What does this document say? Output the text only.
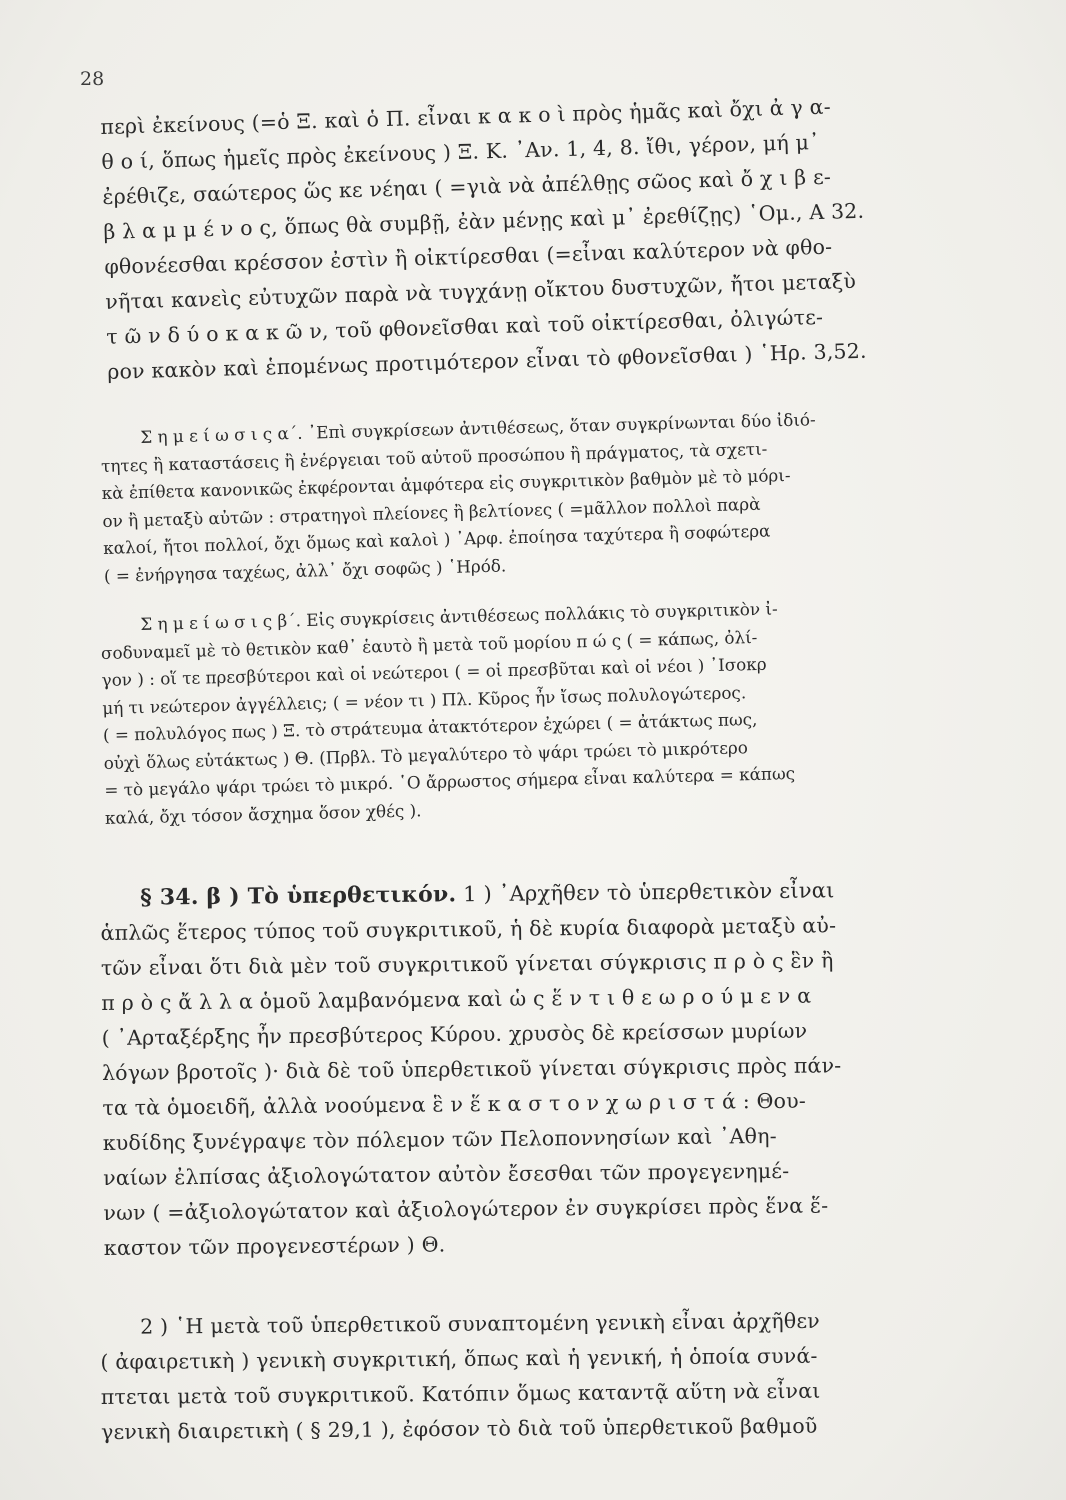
28
περὶ ἐκείνους (=ὁ Ξ. καὶ ὁ Π. εἶναι κ α κ ο ὶ πρὸς ἡμᾶς καὶ ὄχι ἀ γ α-
θ ο ί, ὅπως ἡμεῖς πρὸς ἐκείνους ) Ξ. Κ. ᾿Αν. 1, 4, 8. ἴθι, γέρον, μή μ᾿
ἐρέθιζε, σαώτερος ὥς κε νέηαι ( =γιὰ νὰ ἀπέλθῃς σῶος καὶ ὄ χ ι β ε-
β λ α μ μ έ ν ο ς, ὅπως θὰ συμβῇ, ἐὰν μένῃς καὶ μ᾿ ἐρεθίζῃς) ῾Ομ., Α 32.
φθονέεσθαι κρέσσον ἐστὶν ἢ οἰκτίρεσθαι (=εἶναι καλύτερον νὰ φθο-
νῆται κανεὶς εὐτυχῶν παρὰ νὰ τυγχάνῃ οἴκτου δυστυχῶν, ἤτοι μεταξὺ
τ ῶ ν δ ύ ο κ α κ ῶ ν, τοῦ φθονεῖσθαι καὶ τοῦ οἰκτίρεσθαι, ὀλιγώτε-
ρον κακὸν καὶ ἑπομένως προτιμότερον εἶναι τὸ φθονεῖσθαι ) ῾Ηρ. 3,52.
Σ η μ ε ί ω σ ι ς α΄. ᾿Επὶ συγκρίσεων ἀντιθέσεως, ὅταν συγκρίνωνται δύο ἰδιό-
τητες ἢ καταστάσεις ἢ ἐνέργειαι τοῦ αὐτοῦ προσώπου ἢ πράγματος, τὰ σχετι-
κὰ ἐπίθετα κανονικῶς ἐκφέρονται ἀμφότερα εἰς συγκριτικὸν βαθμὸν μὲ τὸ μόρι-
ον ἢ μεταξὺ αὐτῶν : στρατηγοὶ πλείονες ἢ βελτίονες ( =μᾶλλον πολλοὶ παρὰ
καλοί, ἤτοι πολλοί, ὄχι ὅμως καὶ καλοὶ ) ᾿Αρφ. ἐποίησα ταχύτερα ἢ σοφώτερα
( = ἐνήργησα ταχέως, ἀλλ᾿ ὄχι σοφῶς ) ῾Ηρόδ.
Σ η μ ε ί ω σ ι ς β΄. Εἰς συγκρίσεις ἀντιθέσεως πολλάκις τὸ συγκριτικὸν ἰ-
σοδυναμεῖ μὲ τὸ θετικὸν καθ᾿ ἑαυτὸ ἢ μετὰ τοῦ μορίου π ώ ς ( = κάπως, ὀλί-
γον ) : οἵ τε πρεσβύτεροι καὶ οἱ νεώτεροι ( = οἱ πρεσβῦται καὶ οἱ νέοι ) ᾿Ισοκρ
μή τι νεώτερον ἀγγέλλεις; ( = νέον τι ) Πλ. Κῦρος ἦν ἴσως πολυλογώτερος.
( = πολυλόγος πως ) Ξ. τὸ στράτευμα ἀτακτότερον ἐχώρει ( = ἀτάκτως πως,
οὐχὶ ὅλως εὐτάκτως ) Θ. (Πρβλ. Τὸ μεγαλύτερο τὸ ψάρι τρώει τὸ μικρότερο
= τὸ μεγάλο ψάρι τρώει τὸ μικρό. ῾Ο ἄρρωστος σήμερα εἶναι καλύτερα = κάπως
καλά, ὄχι τόσον ἄσχημα ὅσον χθές ).
§ 34. β ) Τὸ ὑπερθετικόν. 1 ) ᾿Αρχῆθεν τὸ ὑπερθετικὸν εἶναι
ἁπλῶς ἕτερος τύπος τοῦ συγκριτικοῦ, ἡ δὲ κυρία διαφορὰ μεταξὺ αὐ-
τῶν εἶναι ὅτι διὰ μὲν τοῦ συγκριτικοῦ γίνεται σύγκρισις π ρ ὸ ς ἓν ἢ
π ρ ὸ ς ἄ λ λ α ὁμοῦ λαμβανόμενα καὶ ὡ ς ἕ ν τ ι θ ε ω ρ ο ύ μ ε ν α
( ᾿Αρταξέρξης ἦν πρεσβύτερος Κύρου. χρυσὸς δὲ κρείσσων μυρίων
λόγων βροτοῖς )· διὰ δὲ τοῦ ὑπερθετικοῦ γίνεται σύγκρισις πρὸς πάν-
τα τὰ ὁμοειδῆ, ἀλλὰ νοούμενα ἓ ν ἕ κ α σ τ ο ν χ ω ρ ι σ τ ά : Θου-
κυδίδης ξυνέγραψε τὸν πόλεμον τῶν Πελοποννησίων καὶ ᾿Αθη-
ναίων ἐλπίσας ἀξιολογώτατον αὐτὸν ἔσεσθαι τῶν προγεγενημέ-
νων ( =ἀξιολογώτατον καὶ ἀξιολογώτερον ἐν συγκρίσει πρὸς ἕνα ἕ-
καστον τῶν προγενεστέρων ) Θ.
2 ) ῾Η μετὰ τοῦ ὑπερθετικοῦ συναπτομένη γενικὴ εἶναι ἀρχῆθεν
( ἀφαιρετικὴ ) γενικὴ συγκριτική, ὅπως καὶ ἡ γενική, ἡ ὁποία συνά-
πτεται μετὰ τοῦ συγκριτικοῦ. Κατόπιν ὅμως καταντᾷ αὕτη νὰ εἶναι
γενικὴ διαιρετικὴ ( § 29,1 ), ἐφόσον τὸ διὰ τοῦ ὑπερθετικοῦ βαθμοῦ
